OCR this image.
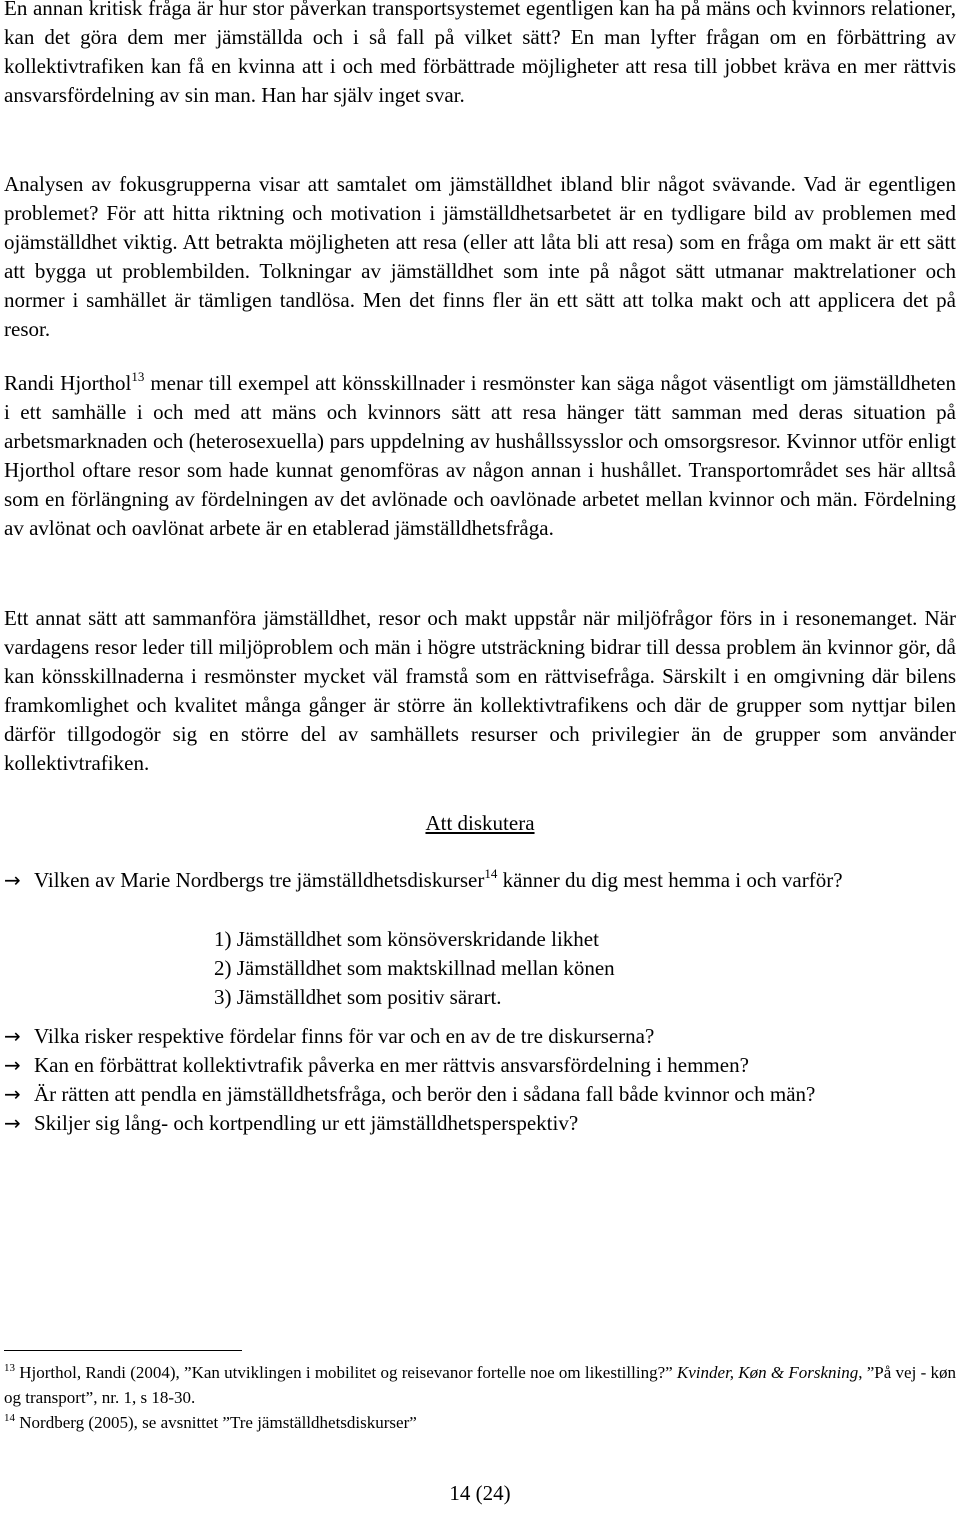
En annan kritisk fråga är hur stor påverkan transportsystemet egentligen kan ha på mäns och kvinnors relationer, kan det göra dem mer jämställda och i så fall på vilket sätt? En man lyfter frågan om en förbättring av kollektivtrafiken kan få en kvinna att i och med förbättrade möjligheter att resa till jobbet kräva en mer rättvis ansvarsfördelning av sin man. Han har själv inget svar.

Analysen av fokusgrupperna visar att samtalet om jämställdhet ibland blir något svävande. Vad är egentligen problemet? För att hitta riktning och motivation i jämställdhetsarbetet är en tydligare bild av problemen med ojämställdhet viktig. Att betrakta möjligheten att resa (eller att låta bli att resa) som en fråga om makt är ett sätt att bygga ut problembilden. Tolkningar av jämställdhet som inte på något sätt utmanar maktrelationer och normer i samhället är tämligen tandlösa. Men det finns fler än ett sätt att tolka makt och att applicera det på resor.

Randi Hjorthol$^{13}$ menar till exempel att könsskillnader i resmönster kan säga något väsentligt om jämställdheten i ett samhälle i och med att mäns och kvinnors sätt att resa hänger tätt samman med deras situation på arbetsmarknaden och (heterosexuella) pars uppdelning av hushållssysslor och omsorgsresor. Kvinnor utför enligt Hjorthol oftare resor som hade kunnat genomföras av någon annan i hushållet. Transportområdet ses här alltså som en förlängning av fördelningen av det avlönade och oavlönade arbetet mellan kvinnor och män. Fördelning av avlönat och oavlönat arbete är en etablerad jämställdhetsfråga.

Ett annat sätt att sammanföra jämställdhet, resor och makt uppstår när miljöfrågor förs in i resonemanget. När vardagens resor leder till miljöproblem och män i högre utsträckning bidrar till dessa problem än kvinnor gör, då kan könsskillnaderna i resmönster mycket väl framstå som en rättvisefråga. Särskilt i en omgivning där bilens framkomlighet och kvalitet många gånger är större än kollektivtrafikens och där de grupper som nyttjar bilen därför tillgodogör sig en större del av samhällets resurser och privilegier än de grupper som använder kollektivtrafiken.

Att diskutera

→ Vilken av Marie Nordbergs tre jämställdhetsdiskurser$^{14}$ känner du dig mest hemma i och varför?

1) Jämställdhet som könsöverskridande likhet

2) Jämställdhet som maktskillnad mellan könen

3) Jämställdhet som positiv särart.

→ Vilka risker respektive fördelar finns för var och en av de tre diskurserna?

→ Kan en förbättrat kollektivtrafik påverka en mer rättvis ansvarsfördelning i hemmen?

→ Är rätten att pendla en jämställdhetsfråga, och berör den i sådana fall både kvinnor och män?

→ Skiljer sig lång- och kortpendling ur ett jämställdhetsperspektiv?

$^{13}$ Hjorthol, Randi (2004), ”Kan utviklingen i mobilitet og reisevanor fortelle noe om likestilling?” Kvinder, Køn & Forskning, ”På vej - køn og transport”, nr. 1, s 18-30.

$^{14}$ Nordberg (2005), se avsnittet ”Tre jämställdhetsdiskurser”

14 (24)
